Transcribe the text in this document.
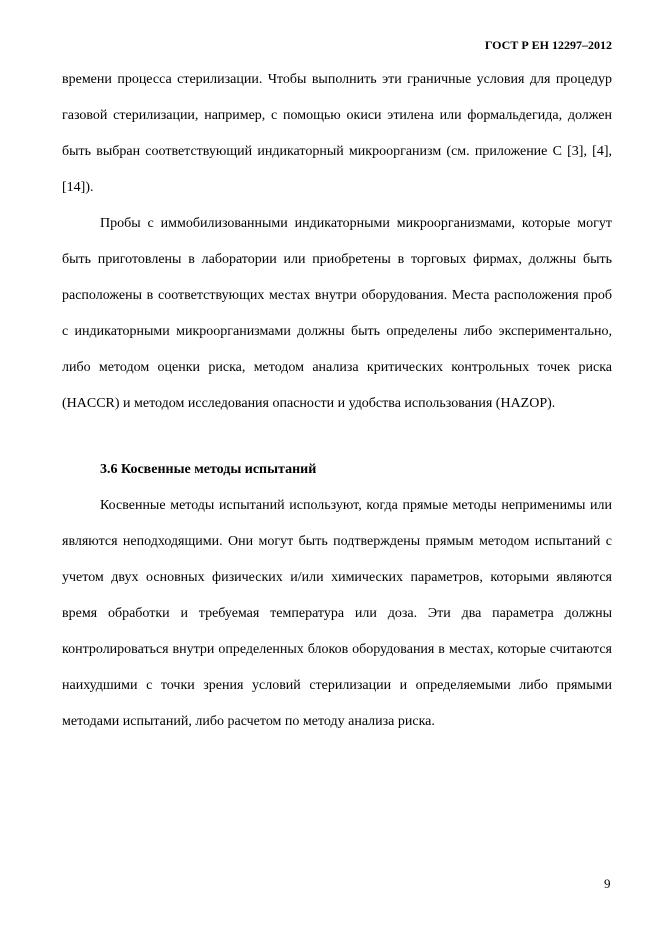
ГОСТ Р ЕН 12297–2012

времени процесса стерилизации. Чтобы выполнить эти граничные условия для процедур газовой стерилизации, например, с помощью окиси этилена или формальдегида, должен быть выбран соответствующий индикаторный микроорганизм (см. приложение С [3], [4], [14]).

Пробы с иммобилизованными индикаторными микроорганизмами, которые могут быть приготовлены в лаборатории или приобретены в торговых фирмах, должны быть расположены в соответствующих местах внутри оборудования. Места расположения проб с индикаторными микроорганизмами должны быть определены либо экспериментально, либо методом оценки риска, методом анализа критических контрольных точек риска (HACCR) и методом исследования опасности и удобства использования (HAZOP).

3.6 Косвенные методы испытаний

Косвенные методы испытаний используют, когда прямые методы неприменимы или являются неподходящими. Они могут быть подтверждены прямым методом испытаний с учетом двух основных физических и/или химических параметров, которыми являются время обработки и требуемая температура или доза. Эти два параметра должны контролироваться внутри определенных блоков оборудования в местах, которые считаются наихудшими с точки зрения условий стерилизации и определяемыми либо прямыми методами испытаний, либо расчетом по методу анализа риска.

9
